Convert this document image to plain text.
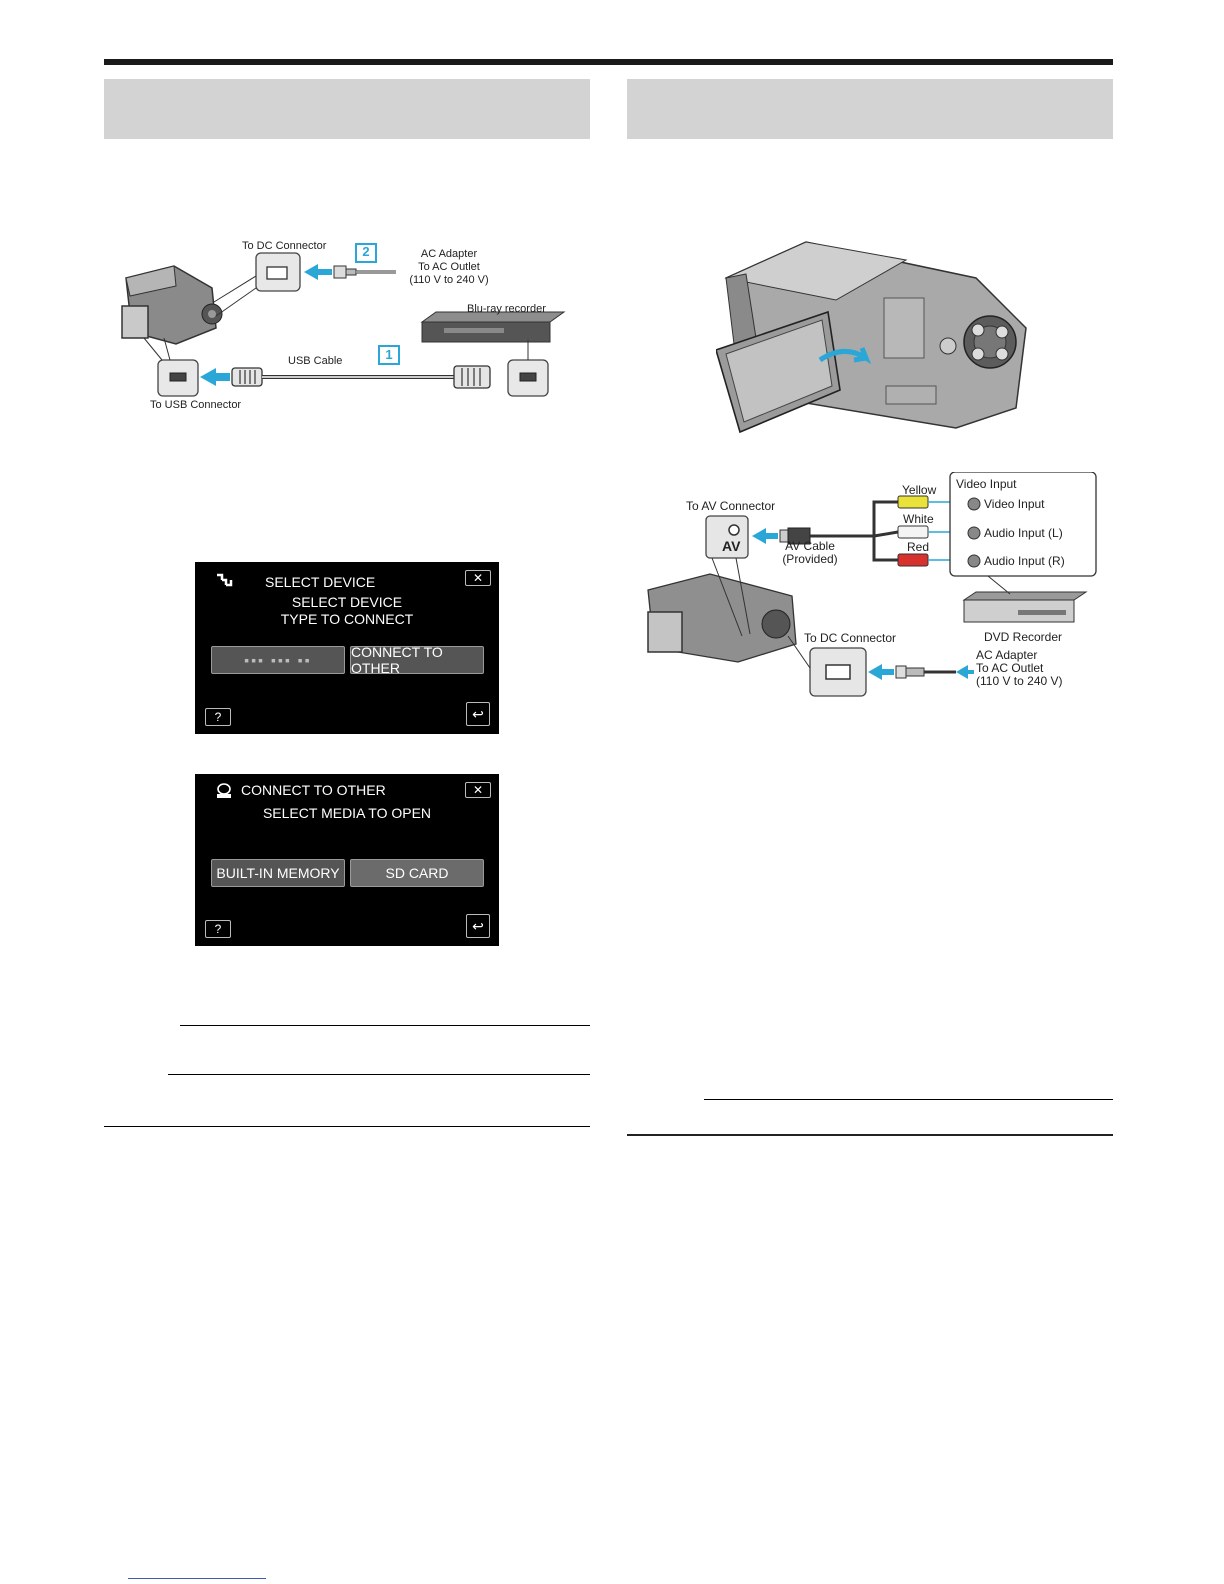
To DC Connector	2	AC Adapter
To AC Outlet
(110 V to 240 V)
Blu-ray recorder
USB Cable	1
To USB Connector
SELECT DEVICE	✕
SELECT DEVICE
TYPE TO CONNECT
▪▪▪ ▪▪▪ ▪▪	CONNECT TO OTHER
?	↩
CONNECT TO OTHER	✕
SELECT MEDIA TO OPEN
BUILT-IN MEMORY	SD CARD
?	↩
To AV Connector
AV	AV Cable
(Provided)
Yellow
White
Red
Video Input
Video Input
Audio Input (L)
Audio Input (R)
DVD Recorder
To DC Connector
AC Adapter
To AC Outlet
(110 V to 240 V)
